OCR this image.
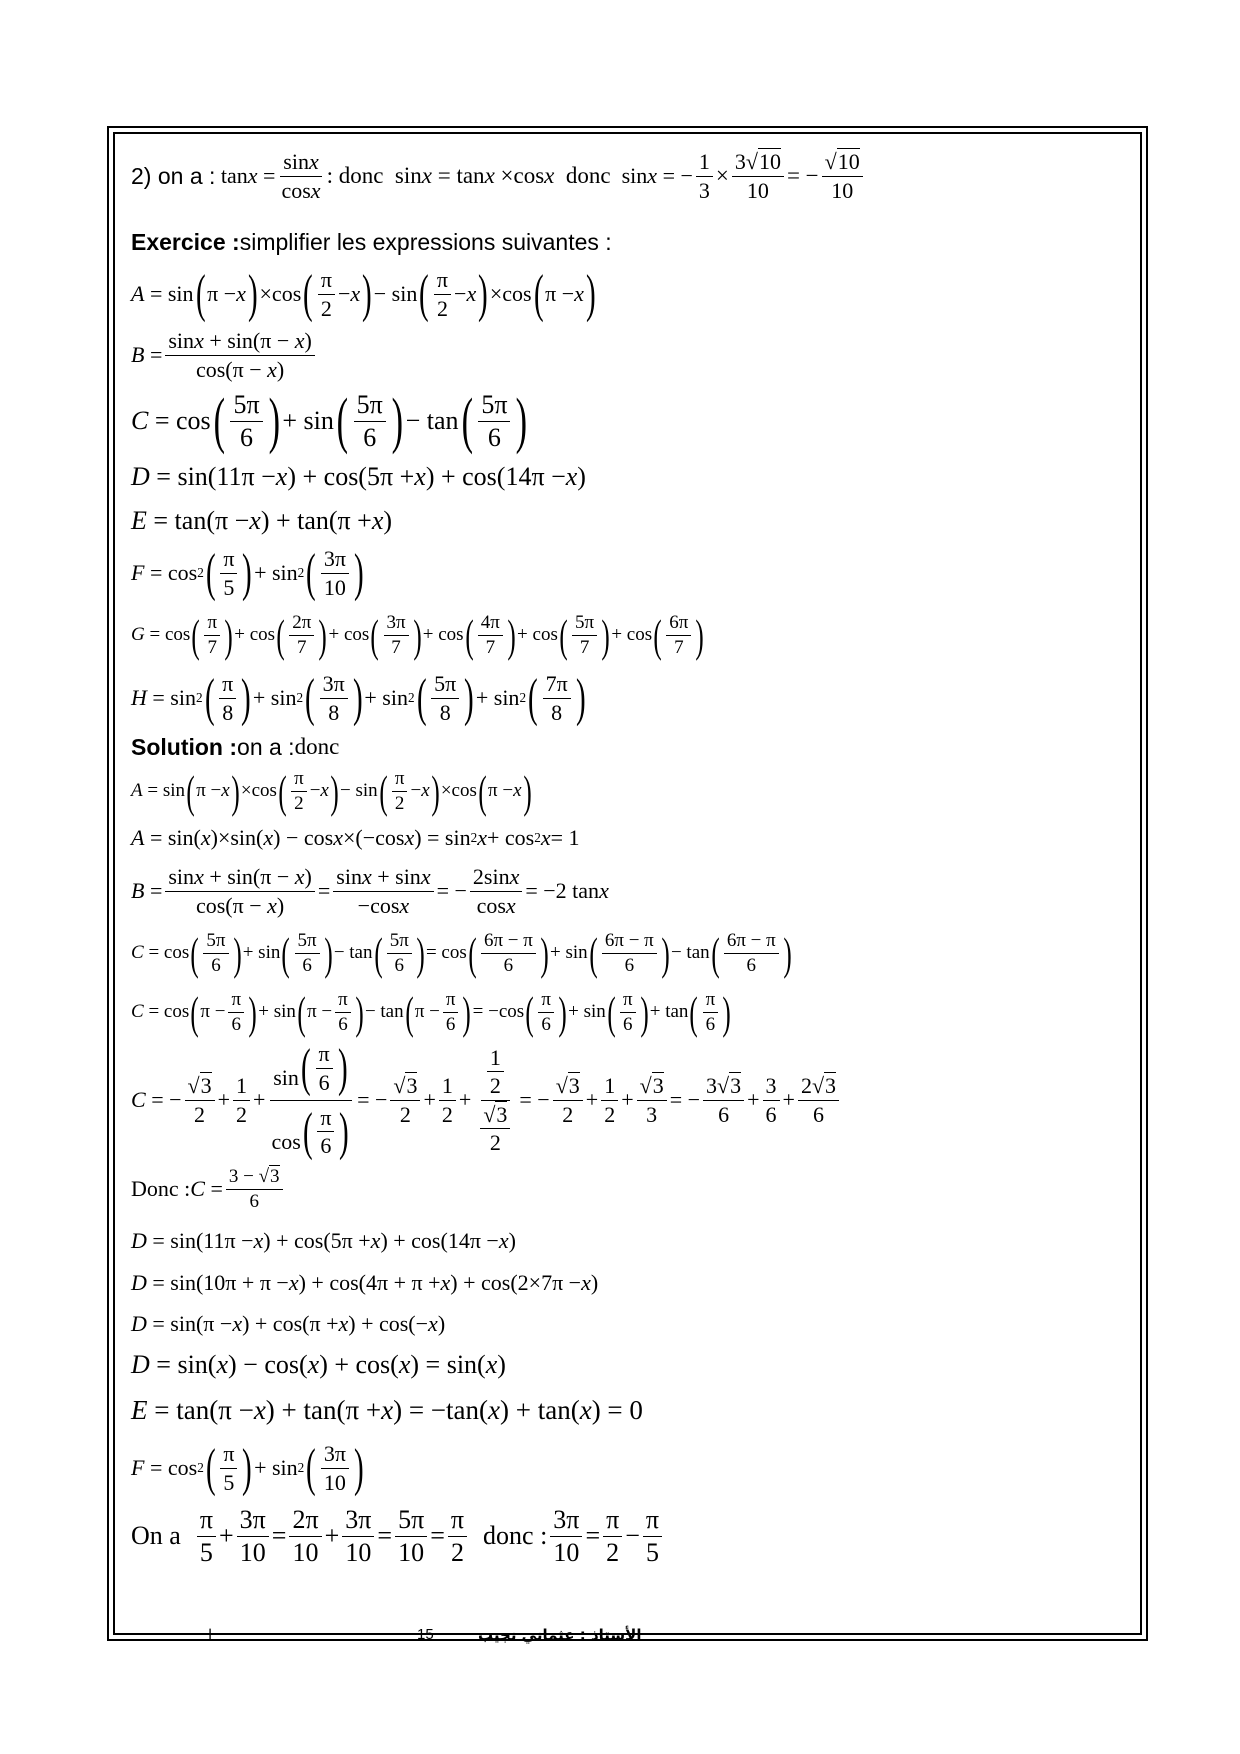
2) on a : $\tan x = \frac{\sin x}{\cos x}$ : donc sinx = tanx ×cosx donc sinx = − $\frac{1}{3} \times \frac{3 √ 10}{10}$ = − √ $\frac{10}{10}$
Exercice : simplifier les expressions suivantes :
A = sin ( π − x
) ×cos
( π
2
− x
) − sin
( π
2
− x
) ×cos ( π − x
)
B =
sinx + sin(π − x)
cos(π − x)
C = cos
( 5π
6
)
+ sin
( 5π
6
)
− tan
( 5π
6
)
D = sin(11π − x ) + cos(5π + x ) + cos(14π − x )
E = tan(π − x ) + tan(π + x )
F = cos 2
( π
5
)
+ sin 2
( 3π
10
)
G = cos
( π
7
)
+ cos
( 2π
7
)
+ cos
( 3π
7
)
+ cos
( 4π
7
)
+ cos
( 5π
7
)
+ cos
( 6π
7
)
H = sin 2
( π
8
)
+ sin 2
( 3π
8
)
+ sin 2
( 5π
8
)
+ sin 2
( 7π
8
)
Solution : on a : donc
A = sin ( π − x
) ×cos
( π
2
− x
) − sin
( π
2
− x
) ×cos ( π − x
)
A = sin( x )×sin( x ) − cos x ×(−cos x ) = sin 2 x + cos 2 x = 1
B =
sinx + sin(π − x)
cos(π − x)
=
sinx + sinx
−cosx
= −
2sinx
cosx
= −2 tan x
C = cos
( 5π
6
)
+ sin
( 5π
6
)
− tan
( 5π
6
)
= cos
( 6π − π
6
)
+ sin
( 6π − π
6
)
− tan
( 6π − π
6
)
C = cos ( π −
π
6
)
+ sin ( π −
π
6
)
− tan ( π −
π
6
)
= −cos
( π
6
)
+ sin
( π
6
)
+ tan
( π
6
)
C = −
√ 3
2
+
1
2
+
sin
( π
6
)
cos
( π
6
)
= −
√ 3
2
+
1
2
+
$\frac{1}{2}$
√ $\frac{3}{2}$
= −
√ 3
2
+
1
2
+
√ 3
3
= −
3 √ 3
6
+
3
6
+
2 √ 3
6
Donc : C = 3 − √ 3
6
D = sin(11π − x ) + cos(5π + x ) + cos(14π − x )
D = sin(10π + π − x ) + cos(4π + π + x ) + cos(2×7π − x )
D = sin(π − x ) + cos(π + x ) + cos(− x )
D = sin( x ) − cos( x ) + cos( x ) = sin( x )
E = tan(π − x ) + tan(π + x ) = −tan( x ) + tan( x ) = 0
F = cos 2
( π
5
)
+ sin 2
( 3π
10
)
On a

π
5
+
3π
10
=
2π
10
+
3π
10
=
5π
10
=
π
2

donc :
3π
10
=
π
2
−
π
5
ا	15	الأستاذ : عثماني نجيب
